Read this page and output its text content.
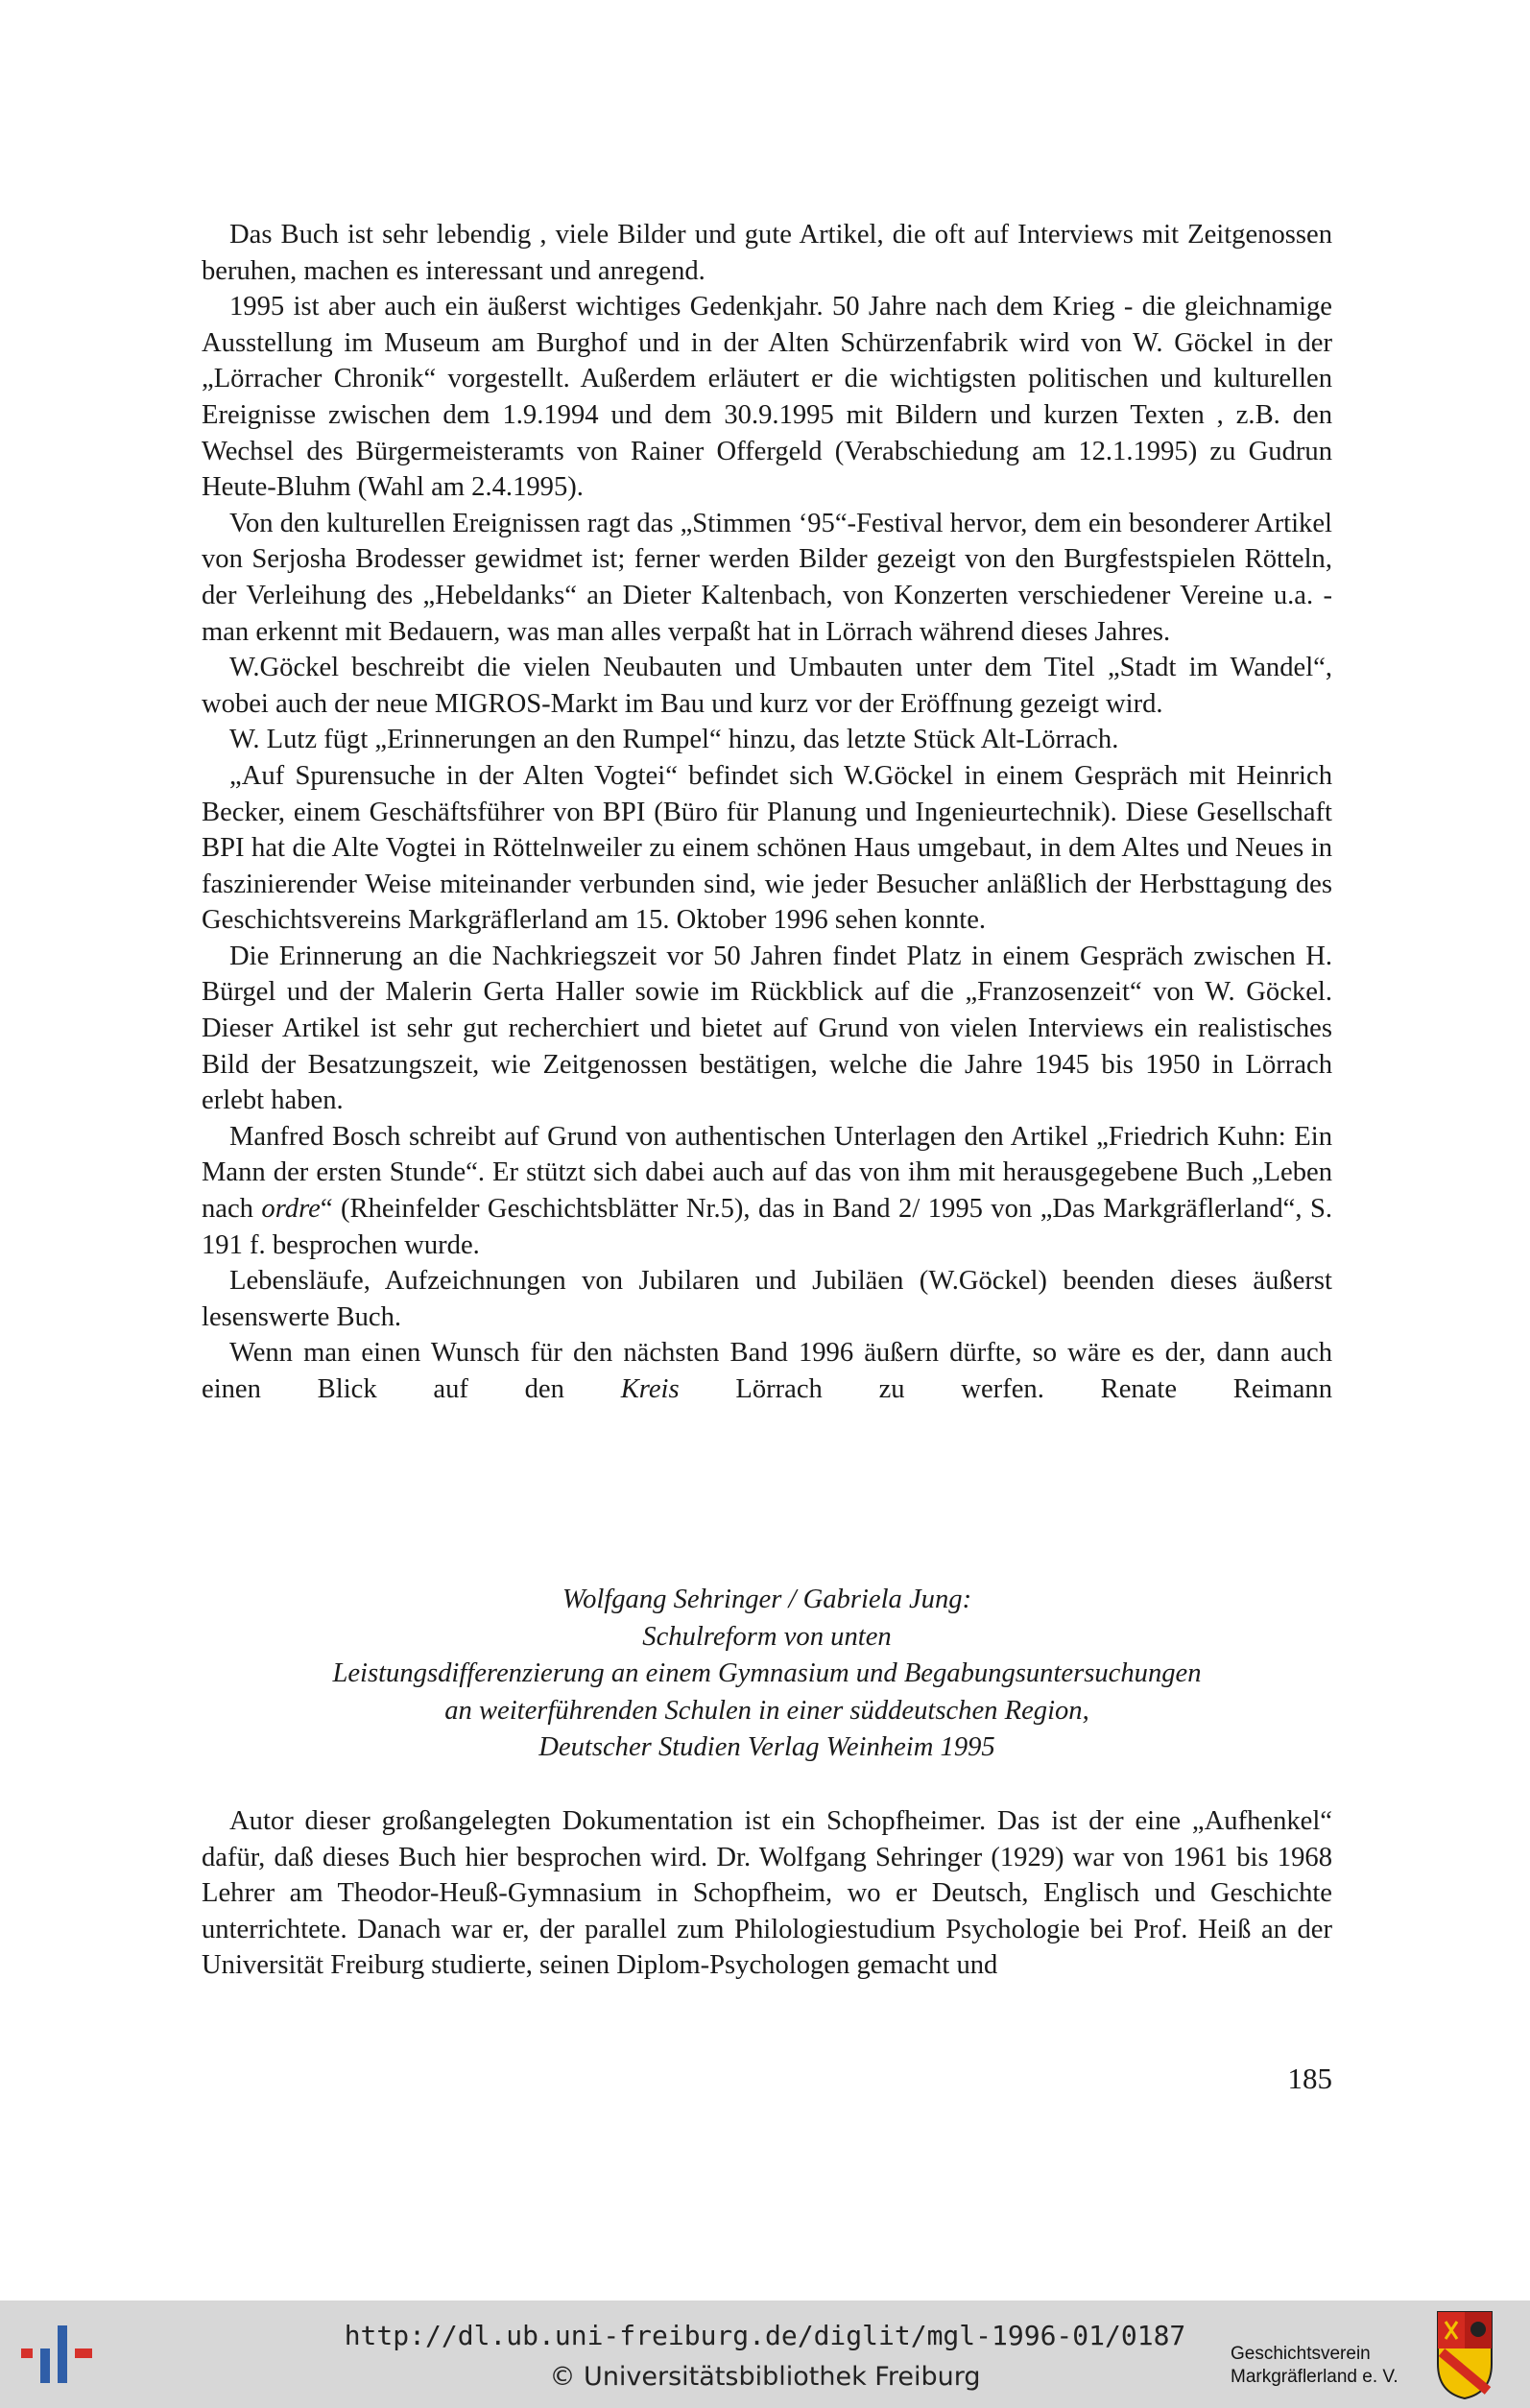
Das Buch ist sehr lebendig , viele Bilder und gute Artikel, die oft auf Interviews mit Zeitgenossen beruhen, machen es interessant und anregend.

1995 ist aber auch ein äußerst wichtiges Gedenkjahr. 50 Jahre nach dem Krieg - die gleichnamige Ausstellung im Museum am Burghof und in der Alten Schürzenfabrik wird von W. Göckel in der „Lörracher Chronik“ vorgestellt. Außerdem erläutert er die wichtigsten politischen und kulturellen Ereignisse zwischen dem 1.9.1994 und dem 30.9.1995 mit Bildern und kurzen Texten , z.B. den Wechsel des Bürgermeisteramts von Rainer Offergeld (Verabschiedung am 12.1.1995) zu Gudrun Heute-Bluhm (Wahl am 2.4.1995).

Von den kulturellen Ereignissen ragt das „Stimmen ‘95“-Festival hervor, dem ein besonderer Artikel von Serjosha Brodesser gewidmet ist; ferner werden Bilder gezeigt von den Burgfestspielen Rötteln, der Verleihung des „Hebeldanks“ an Dieter Kaltenbach, von Konzerten verschiedener Vereine u.a. - man erkennt mit Bedauern, was man alles verpaßt hat in Lörrach während dieses Jahres.

W.Göckel beschreibt die vielen Neubauten und Umbauten unter dem Titel „Stadt im Wandel“, wobei auch der neue MIGROS-Markt im Bau und kurz vor der Eröffnung gezeigt wird.

W. Lutz fügt „Erinnerungen an den Rumpel“ hinzu, das letzte Stück Alt-Lörrach.

„Auf Spurensuche in der Alten Vogtei“ befindet sich W.Göckel in einem Gespräch mit Heinrich Becker, einem Geschäftsführer von BPI (Büro für Planung und Ingenieurtechnik). Diese Gesellschaft BPI hat die Alte Vogtei in Röttelnweiler zu einem schönen Haus umgebaut, in dem Altes und Neues in faszinierender Weise miteinander verbunden sind, wie jeder Besucher anläßlich der Herbsttagung des Geschichtsvereins Markgräflerland am 15. Oktober 1996 sehen konnte.

Die Erinnerung an die Nachkriegszeit vor 50 Jahren findet Platz in einem Gespräch zwischen H. Bürgel und der Malerin Gerta Haller sowie im Rückblick auf die „Franzosenzeit“ von W. Göckel. Dieser Artikel ist sehr gut recherchiert und bietet auf Grund von vielen Interviews ein realistisches Bild der Besatzungszeit, wie Zeitgenossen bestätigen, welche die Jahre 1945 bis 1950 in Lörrach erlebt haben.

Manfred Bosch schreibt auf Grund von authentischen Unterlagen den Artikel „Friedrich Kuhn: Ein Mann der ersten Stunde“. Er stützt sich dabei auch auf das von ihm mit herausgegebene Buch „Leben nach ordre“ (Rheinfelder Geschichtsblätter Nr.5), das in Band 2/ 1995 von „Das Markgräflerland“, S. 191 f. besprochen wurde.

Lebensläufe, Aufzeichnungen von Jubilaren und Jubiläen (W.Göckel) beenden dieses äußerst lesenswerte Buch.

Wenn man einen Wunsch für den nächsten Band 1996 äußern dürfte, so wäre es der, dann auch einen Blick auf den Kreis Lörrach zu werfen. Renate Reimann

Wolfgang Sehringer / Gabriela Jung:
Schulreform von unten
Leistungsdifferenzierung an einem Gymnasium und Begabungsuntersuchungen
an weiterführenden Schulen in einer süddeutschen Region,
Deutscher Studien Verlag Weinheim 1995

Autor dieser großangelegten Dokumentation ist ein Schopfheimer. Das ist der eine „Aufhenkel“ dafür, daß dieses Buch hier besprochen wird. Dr. Wolfgang Sehringer (1929) war von 1961 bis 1968 Lehrer am Theodor-Heuß-Gymnasium in Schopfheim, wo er Deutsch, Englisch und Geschichte unterrichtete. Danach war er, der parallel zum Philologiestudium Psychologie bei Prof. Heiß an der Universität Freiburg studierte, seinen Diplom-Psychologen gemacht und

185
http://dl.ub.uni-freiburg.de/diglit/mgl-1996-01/0187
© Universitätsbibliothek Freiburg
Geschichtsverein
Markgräflerland e. V.
